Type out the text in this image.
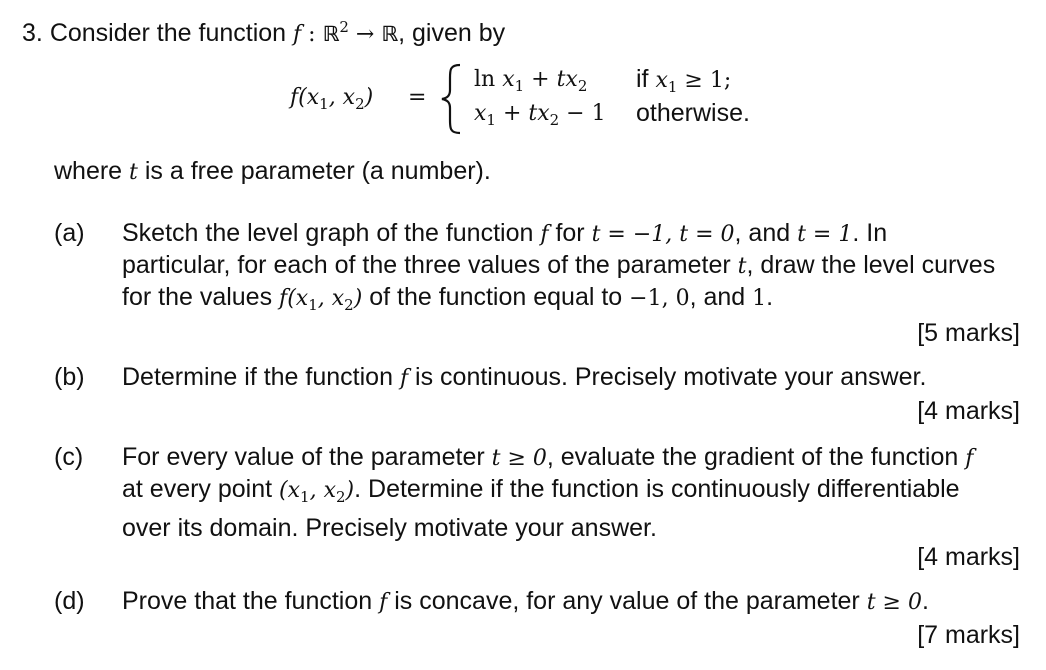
3. Consider the function f : ℝ$^2$ → ℝ, given by
$f(x_1$, $x_2$) =
$\ln x_1 + tx_2$ if $x_1 \ge 1$;
$x_1 + tx_2 - 1$ otherwise.
where t is a free parameter (a number).
(a) Sketch the level graph of the function f for t = −1, t = 0, and t = 1. In
particular, for each of the three values of the parameter t, draw the level curves
for the values $f(x_1$, $x_2$) of the function equal to −1, 0, and 1.
[5 marks]
(b) Determine if the function f is continuous. Precisely motivate your answer.
[4 marks]
(c) For every value of the parameter t ≥ 0, evaluate the gradient of the function f
at every point ($x_1$, $x_2$). Determine if the function is continuously differentiable
over its domain. Precisely motivate your answer.
[4 marks]
(d) Prove that the function f is concave, for any value of the parameter t ≥ 0.
[7 marks]
